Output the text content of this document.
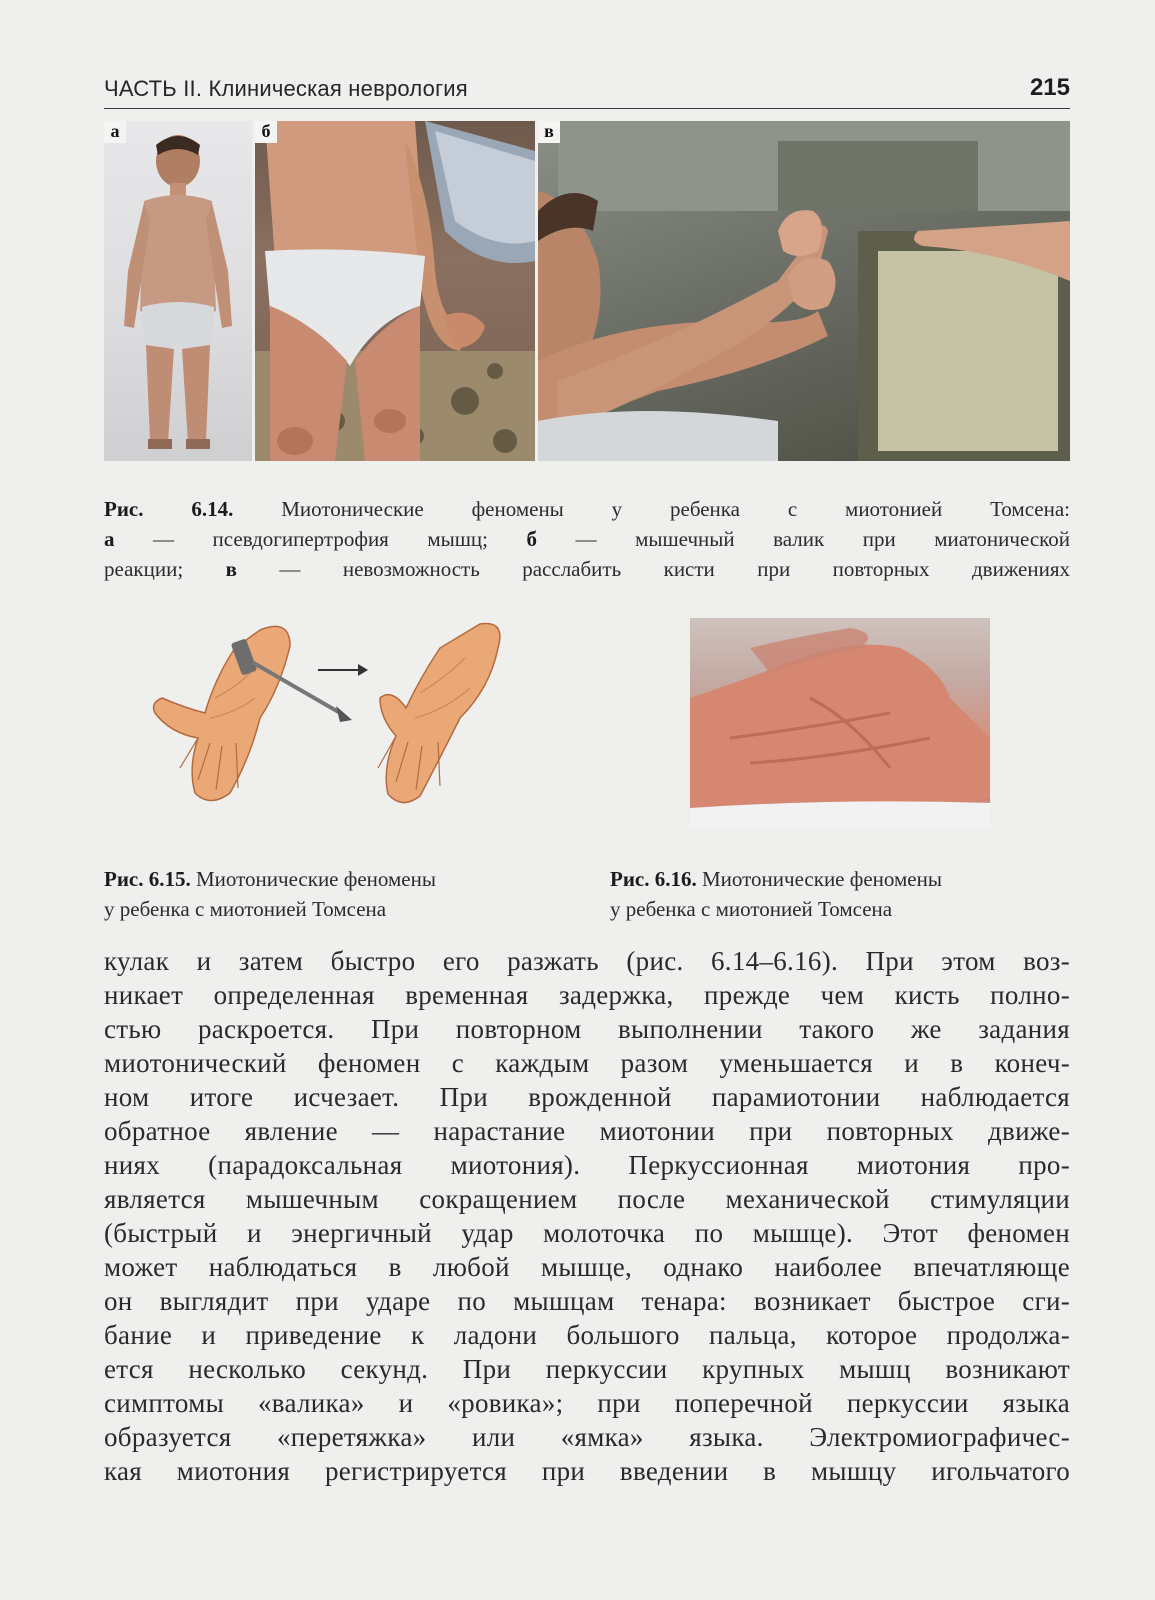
ЧАСТЬ II. Клиническая неврология	215
а	б	в
Рис. 6.14. Миотонические феномены у ребенка с миотонией Томсена:
а — псевдогипертрофия мышц; б — мышечный валик при миатонической
реакции; в — невозможность расслабить кисти при повторных движениях
Рис. 6.15. Миотонические феномены
у ребенка с миотонией Томсена
Рис. 6.16. Миотонические феномены
у ребенка с миотонией Томсена
кулак и затем быстро его разжать (рис. 6.14–6.16). При этом воз-
никает определенная временная задержка, прежде чем кисть полно-
стью раскроется. При повторном выполнении такого же задания
миотонический феномен с каждым разом уменьшается и в конеч-
ном итоге исчезает. При врожденной парамиотонии наблюдается
обратное явление — нарастание миотонии при повторных движе-
ниях (парадоксальная миотония). Перкуссионная миотония про-
является мышечным сокращением после механической стимуляции
(быстрый и энергичный удар молоточка по мышце). Этот феномен
может наблюдаться в любой мышце, однако наиболее впечатляюще
он выглядит при ударе по мышцам тенара: возникает быстрое сги-
бание и приведение к ладони большого пальца, которое продолжа-
ется несколько секунд. При перкуссии крупных мышц возникают
симптомы «валика» и «ровика»; при поперечной перкуссии языка
образуется «перетяжка» или «ямка» языка. Электромиографичес-
кая миотония регистрируется при введении в мышцу игольчатого
